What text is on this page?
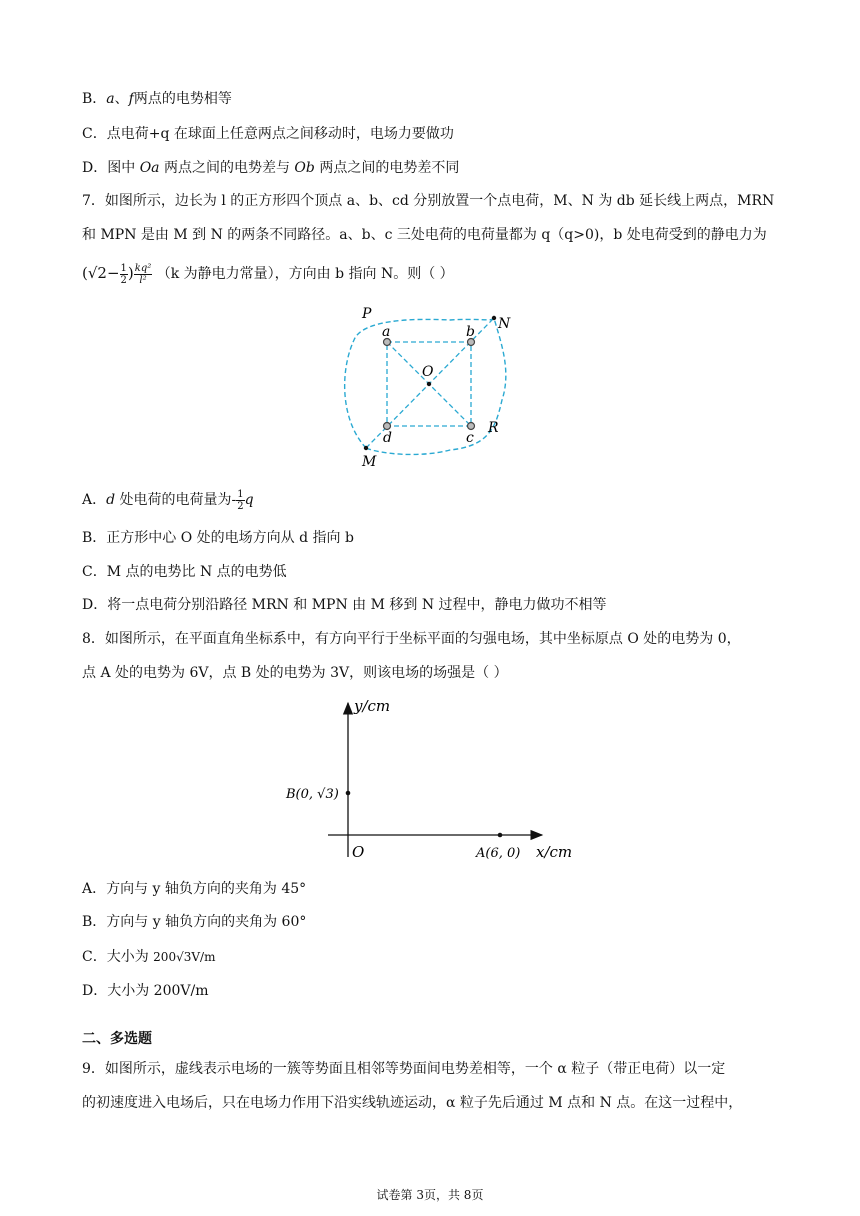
B．a、f两点的电势相等
C．点电荷+q 在球面上任意两点之间移动时，电场力要做功
D．图中 Oa 两点之间的电势差与 Ob 两点之间的电势差不同
7．如图所示，边长为 l 的正方形四个顶点 a、b、cd 分别放置一个点电荷，M、N 为 db 延长线上两点，MRN
和 MPN 是由 M 到 N 的两条不同路径。a、b、c 三处电荷的电荷量都为 q（q>0)，b 处电荷受到的静电力为
($√2- \frac{1}{2}$ ) $\frac{\text{kq²}}{\text{l²}} (k$ 为静电力常量），方向由 b 指向 N。则（ ）
P
N
a	b
O
d	c
R
M
A．d 处电荷的电荷量为- $\frac{1}{2}$ q
B．正方形中心 O 处的电场方向从 d 指向 b
C．M 点的电势比 N 点的电势低
D．将一点电荷分别沿路径 MRN 和 MPN 由 M 移到 N 过程中，静电力做功不相等
8．如图所示，在平面直角坐标系中，有方向平行于坐标平面的匀强电场，其中坐标原点 O 处的电势为 0，
点 A 处的电势为 6V，点 B 处的电势为 3V，则该电场的场强是（ ）
y/cm
x/cm
B(0, √3)
A(6, 0)
O
A．方向与 y 轴负方向的夹角为 45°
B．方向与 y 轴负方向的夹角为 60°
C．大小为 200√3V/m
D．大小为 200V/m
二、多选题
9．如图所示，虚线表示电场的一簇等势面且相邻等势面间电势差相等，一个 α 粒子（带正电荷）以一定
的初速度进入电场后，只在电场力作用下沿实线轨迹运动，α 粒子先后通过 M 点和 N 点。在这一过程中，
试卷第 3页，共 8页
